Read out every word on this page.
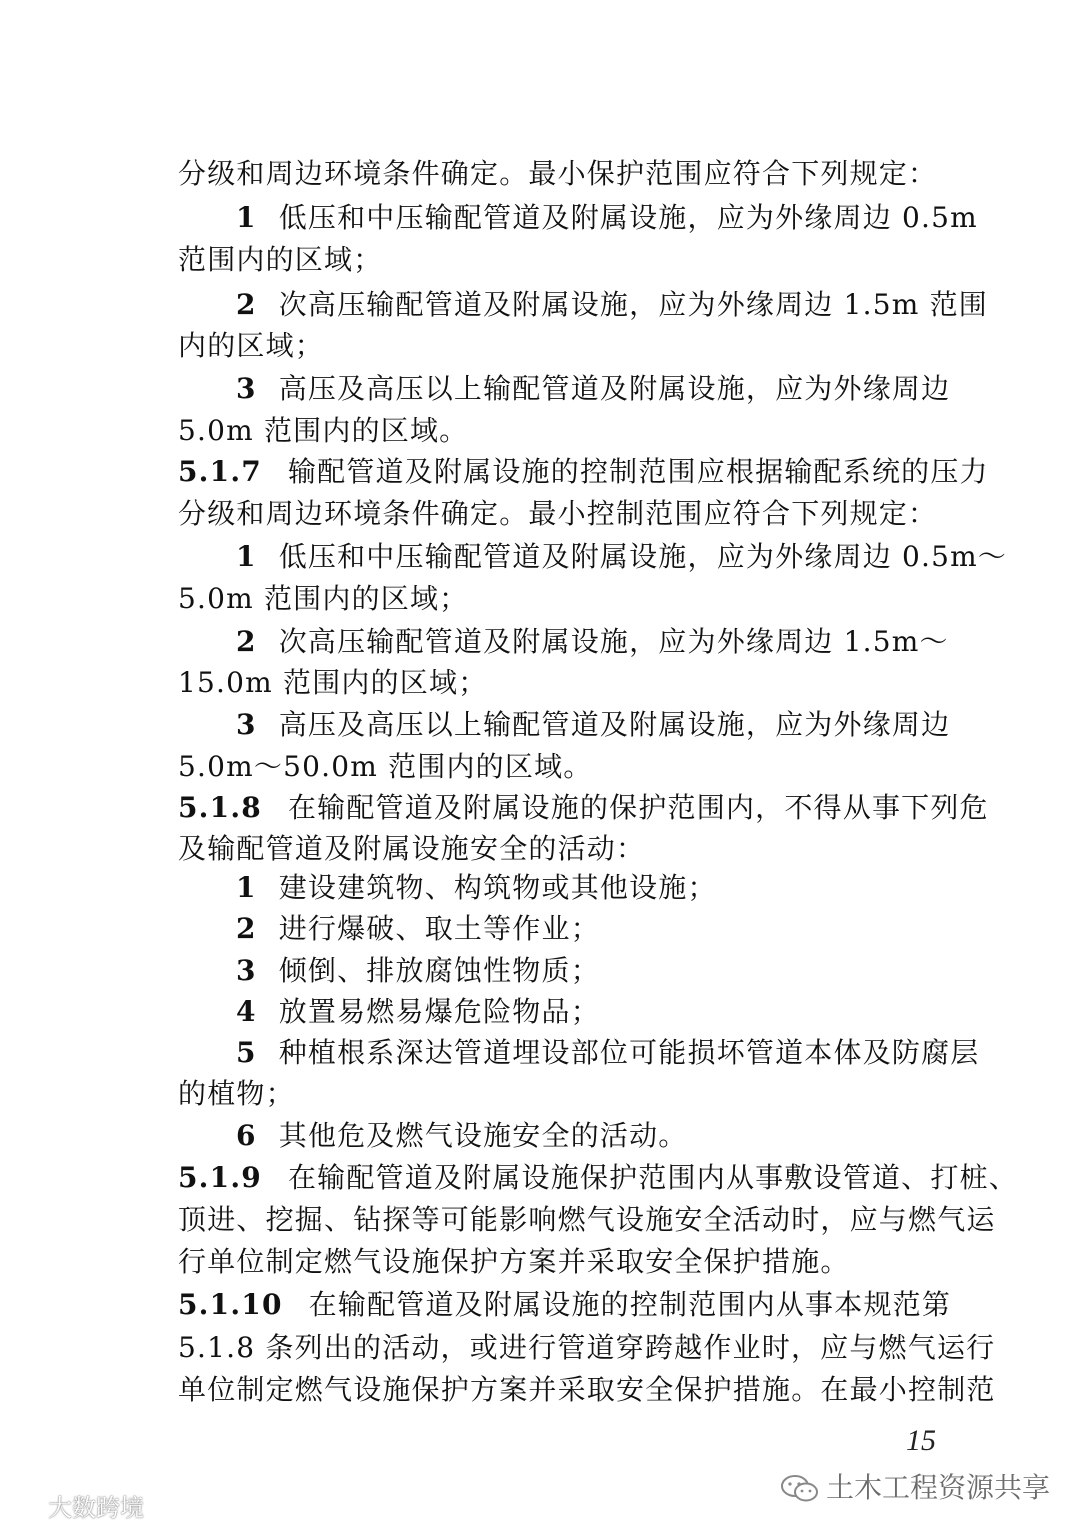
分级和周边环境条件确定。最小保护范围应符合下列规定：
1 低压和中压输配管道及附属设施，应为外缘周边 0.5m
范围内的区域；
2 次高压输配管道及附属设施，应为外缘周边 1.5m 范围
内的区域；
3 高压及高压以上输配管道及附属设施，应为外缘周边
5.0m 范围内的区域。
5.1.7 输配管道及附属设施的控制范围应根据输配系统的压力
分级和周边环境条件确定。最小控制范围应符合下列规定：
1 低压和中压输配管道及附属设施，应为外缘周边 0.5m～
5.0m 范围内的区域；
2 次高压输配管道及附属设施，应为外缘周边 1.5m～
15.0m 范围内的区域；
3 高压及高压以上输配管道及附属设施，应为外缘周边
5.0m～50.0m 范围内的区域。
5.1.8 在输配管道及附属设施的保护范围内，不得从事下列危
及输配管道及附属设施安全的活动：
1 建设建筑物、构筑物或其他设施；
2 进行爆破、取土等作业；
3 倾倒、排放腐蚀性物质；
4 放置易燃易爆危险物品；
5 种植根系深达管道埋设部位可能损坏管道本体及防腐层
的植物；
6 其他危及燃气设施安全的活动。
5.1.9 在输配管道及附属设施保护范围内从事敷设管道、打桩、
顶进、挖掘、钻探等可能影响燃气设施安全活动时，应与燃气运
行单位制定燃气设施保护方案并采取安全保护措施。
5.1.10 在输配管道及附属设施的控制范围内从事本规范第
5.1.8 条列出的活动，或进行管道穿跨越作业时，应与燃气运行
单位制定燃气设施保护方案并采取安全保护措施。在最小控制范
15
大数跨境
土木工程资源共享
